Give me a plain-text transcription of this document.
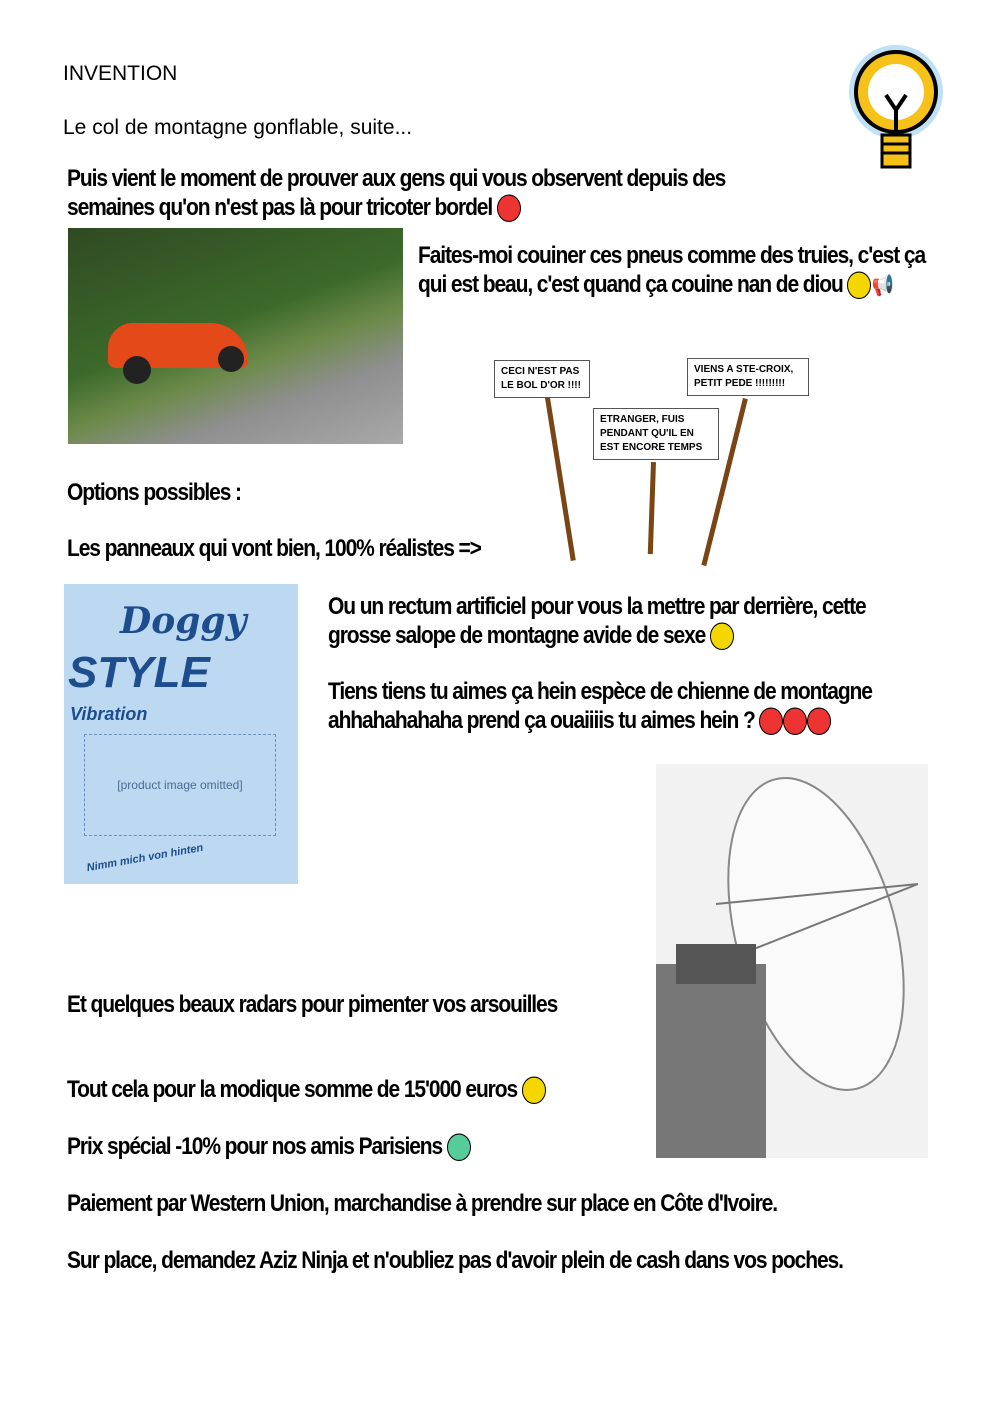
INVENTION
Le col de montagne gonflable, suite...
Puis vient le moment de prouver aux gens qui vous observent depuis des
semaines qu'on n'est pas là pour tricoter bordel
Faites-moi couiner ces pneus comme des truies, c'est ça
qui est beau, c'est quand ça couine nan de diou 📢
CECI N'EST PAS
LE BOL D'OR !!!!
ETRANGER, FUIS
PENDANT QU'IL EN
EST ENCORE TEMPS
VIENS A STE-CROIX,
PETIT PEDE !!!!!!!!!
Options possibles :
Les panneaux qui vont bien, 100% réalistes =>
Doggy
STYLE
Vibration
[product image omitted]
Nimm mich von hinten
Ou un rectum artificiel pour vous la mettre par derrière, cette
grosse salope de montagne avide de sexe
Tiens tiens tu aimes ça hein espèce de chienne de montagne
ahhahahahaha prend ça ouaiiiis tu aimes hein ?
Et quelques beaux radars pour pimenter vos arsouilles
Tout cela pour la modique somme de 15'000 euros
Prix spécial -10% pour nos amis Parisiens
Paiement par Western Union, marchandise à prendre sur place en Côte d'Ivoire.
Sur place, demandez Aziz Ninja et n'oubliez pas d'avoir plein de cash dans vos poches.
